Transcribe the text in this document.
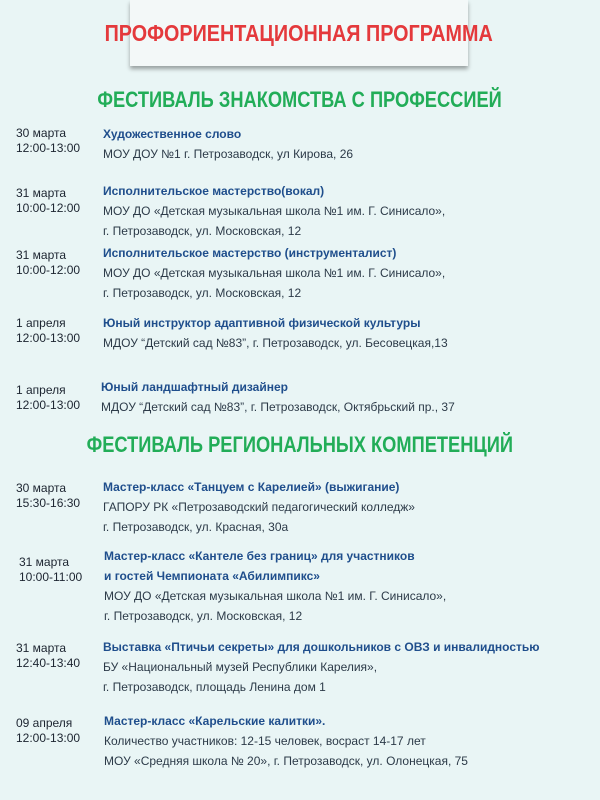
ПРОФОРИЕНТАЦИОННАЯ ПРОГРАММА
ФЕСТИВАЛЬ ЗНАКОМСТВА С ПРОФЕССИЕЙ
30 марта
12:00-13:00
Художественное слово
МОУ ДОУ №1 г. Петрозаводск, ул Кирова, 26
31 марта
10:00-12:00
Исполнительское мастерство(вокал)
МОУ ДО «Детская музыкальная школа №1 им. Г. Синисало»,
г. Петрозаводск, ул. Московская, 12
31 марта
10:00-12:00
Исполнительское мастерство (инструменталист)
МОУ ДО «Детская музыкальная школа №1 им. Г. Синисало»,
г. Петрозаводск, ул. Московская, 12
1 апреля
12:00-13:00
Юный инструктор адаптивной физической культуры
МДОУ “Детский сад №83”, г. Петрозаводск, ул. Бесовецкая,13
1 апреля
12:00-13:00
Юный ландшафтный дизайнер
МДОУ “Детский сад №83”, г. Петрозаводск, Октябрьский пр., 37
ФЕСТИВАЛЬ РЕГИОНАЛЬНЫХ КОМПЕТЕНЦИЙ
30 марта
15:30-16:30
Мастер-класс «Танцуем с Карелией» (выжигание)
ГАПОРУ РК «Петрозаводский педагогический колледж»
г. Петрозаводск, ул. Красная, 30а
31 марта
10:00-11:00
Мастер-класс «Кантеле без границ» для участников
и гостей Чемпионата «Абилимпикс»
МОУ ДО «Детская музыкальная школа №1 им. Г. Синисало»,
г. Петрозаводск, ул. Московская, 12
31 марта
12:40-13:40
Выставка «Птичьи секреты» для дошкольников с ОВЗ и инвалидностью
БУ «Национальный музей Республики Карелия»,
г. Петрозаводск, площадь Ленина дом 1
09 апреля
12:00-13:00
Мастер-класс «Карельские калитки».
Количество участников: 12-15 человек, восраст 14-17 лет
МОУ «Средняя школа № 20», г. Петрозаводск, ул. Олонецкая, 75
